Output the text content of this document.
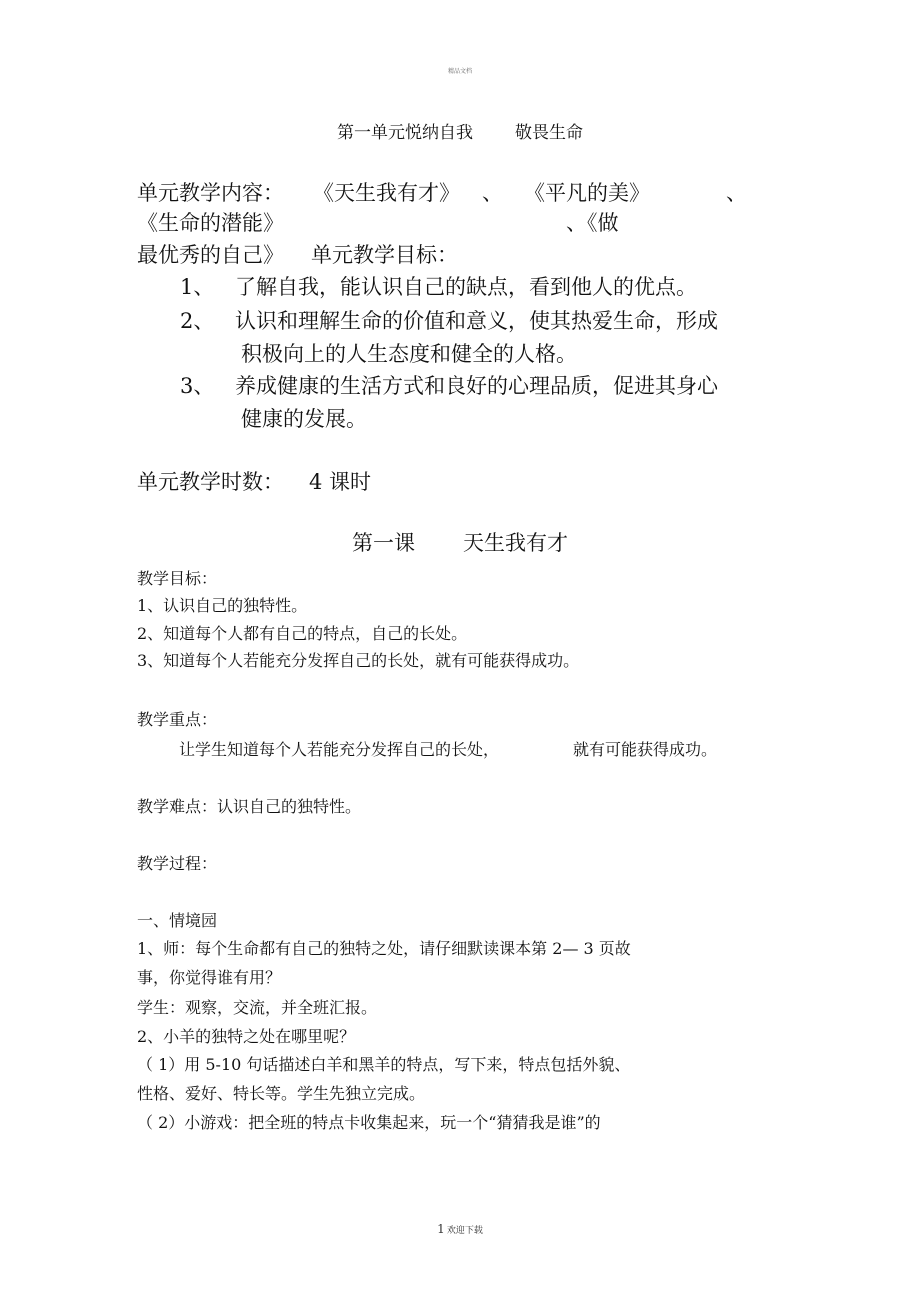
精品文档
第一单元悦纳自我 敬畏生命
单元教学内容： 《天生我有才》 、 《平凡的美》	、
《生命的潜能》	、《做
最优秀的自己》 单元教学目标：
1、 了解自我，能认识自己的缺点，看到他人的优点。
2、 认识和理解生命的价值和意义，使其热爱生命，形成
积极向上的人生态度和健全的人格。
3、 养成健康的生活方式和良好的心理品质，促进其身心
健康的发展。
单元教学时数： 4 课时
第一课 天生我有才
教学目标：
1、认识自己的独特性。
2、知道每个人都有自己的特点，自己的长处。
3、知道每个人若能充分发挥自己的长处，就有可能获得成功。
教学重点：
让学生知道每个人若能充分发挥自己的长处，	就有可能获得成功。
教学难点：认识自己的独特性。
教学过程：
一、情境园
1、师：每个生命都有自己的独特之处，请仔细默读课本第 2— 3 页故
事，你觉得谁有用？
学生：观察，交流，并全班汇报。
2、小羊的独特之处在哪里呢？
（ 1）用 5-10 句话描述白羊和黑羊的特点，写下来，特点包括外貌、
性格、爱好、特长等。学生先独立完成。
（ 2）小游戏：把全班的特点卡收集起来，玩一个“猜猜我是谁”的
1 欢迎下载
